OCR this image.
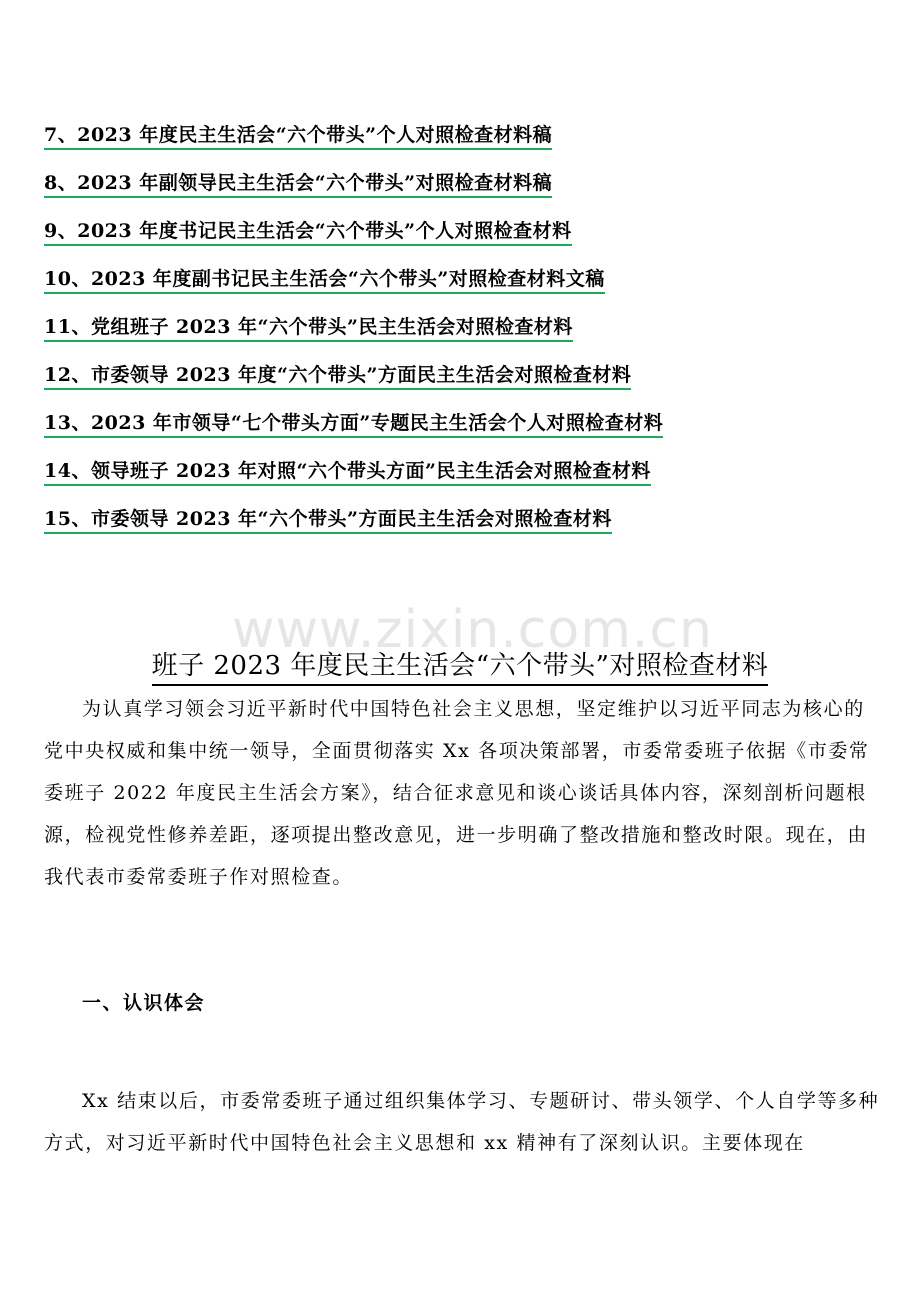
7、2023 年度民主生活会“六个带头”个人对照检查材料稿
8、2023 年副领导民主生活会“六个带头”对照检查材料稿
9、2023 年度书记民主生活会“六个带头”个人对照检查材料
10、2023 年度副书记民主生活会“六个带头”对照检查材料文稿
11、党组班子 2023 年“六个带头”民主生活会对照检查材料
12、市委领导 2023 年度“六个带头”方面民主生活会对照检查材料
13、2023 年市领导“七个带头方面”专题民主生活会个人对照检查材料
14、领导班子 2023 年对照“六个带头方面”民主生活会对照检查材料
15、市委领导 2023 年“六个带头”方面民主生活会对照检查材料
www.zixin.com.cn
班子 2023 年度民主生活会“六个带头”对照检查材料

为认真学习领会习近平新时代中国特色社会主义思想，坚定维护以习近平同志为核心的党中央权威和集中统一领导，全面贯彻落实 Xx 各项决策部署，市委常委班子依据《市委常委班子 2022 年度民主生活会方案》，结合征求意见和谈心谈话具体内容，深刻剖析问题根源，检视党性修养差距，逐项提出整改意见，进一步明确了整改措施和整改时限。现在，由我代表市委常委班子作对照检查。

一、认识体会

Xx 结束以后，市委常委班子通过组织集体学习、专题研讨、带头领学、个人自学等多种方式，对习近平新时代中国特色社会主义思想和 xx 精神有了深刻认识。主要体现在
